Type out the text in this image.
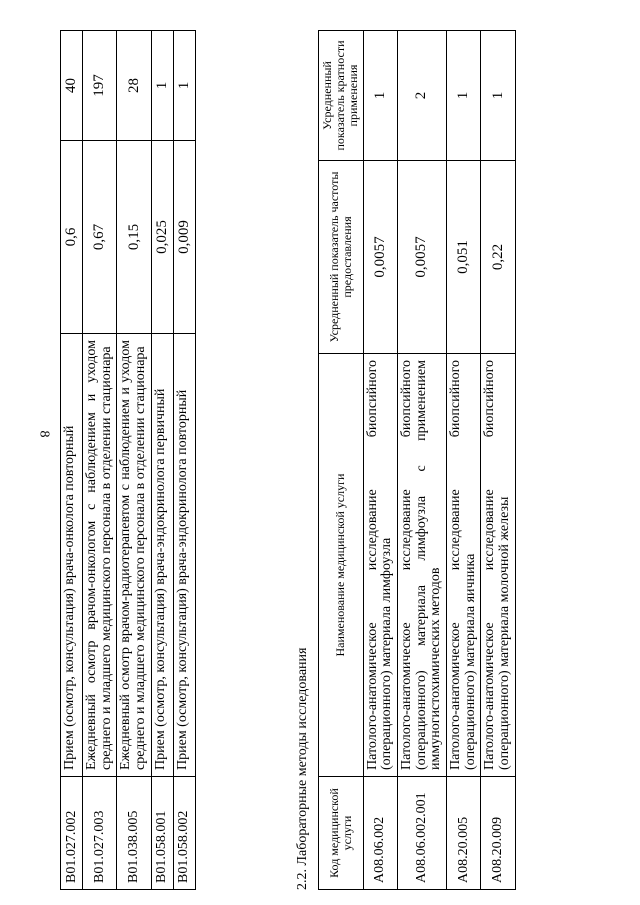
8
B01.027.002	Прием (осмотр, консультация) врача-онколога повторный	0,6	40
B01.027.003	Ежедневный осмотр врачом-онкологом с наблюдением и уходом среднего и младшего медицинского персонала в отделении стационара	0,67	197
B01.038.005	Ежедневный осмотр врачом-радиотерапевтом с наблюдением и уходом среднего и младшего медицинского персонала в отделении стационара	0,15	28
B01.058.001	Прием (осмотр, консультация) врача-эндокринолога первичный	0,025	1
B01.058.002	Прием (осмотр, консультация) врача-эндокринолога повторный	0,009	1
2.2. Лабораторные методы исследования Код медицинской услуги	Наименование медицинской услуги	Усредненный показатель частоты предоставления	Усредненный показатель кратности применения
A08.06.002	Патолого-анатомическое исследование биопсийного (операционного) материала лимфоузла	0,0057	1
A08.06.002.001	Патолого-анатомическое исследование биопсийного (операционного) материала лимфоузла с применением иммуногистохимических методов	0,0057	2
A08.20.005	Патолого-анатомическое исследование биопсийного (операционного) материала яичника	0,051	1
A08.20.009	Патолого-анатомическое исследование биопсийного (операционного) материала молочной железы	0,22	1
